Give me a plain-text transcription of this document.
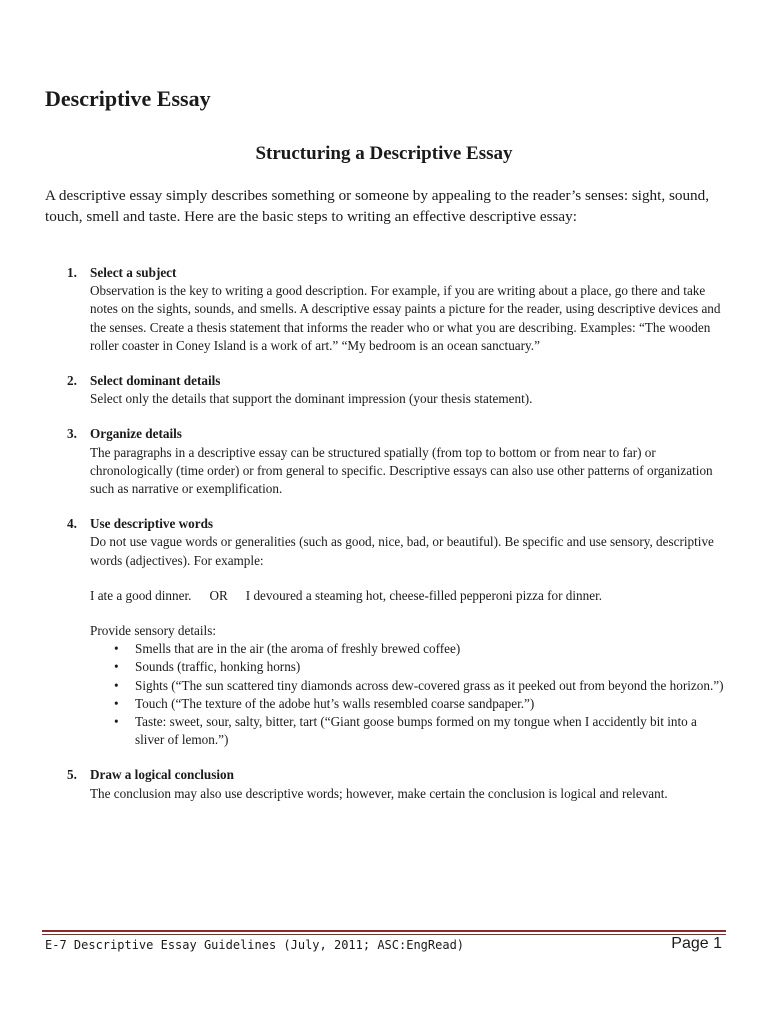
Descriptive Essay
Structuring a Descriptive Essay

A descriptive essay simply describes something or someone by appealing to the reader’s senses: sight, sound, touch, smell and taste. Here are the basic steps to writing an effective descriptive essay:

1. Select a subject
Observation is the key to writing a good description. For example, if you are writing about a place, go there and take notes on the sights, sounds, and smells. A descriptive essay paints a picture for the reader, using descriptive devices and the senses. Create a thesis statement that informs the reader who or what you are describing. Examples: “The wooden roller coaster in Coney Island is a work of art.” “My bedroom is an ocean sanctuary.”
2. Select dominant details
Select only the details that support the dominant impression (your thesis statement).
3. Organize details
The paragraphs in a descriptive essay can be structured spatially (from top to bottom or from near to far) or chronologically (time order) or from general to specific. Descriptive essays can also use other patterns of organization such as narrative or exemplification.
4. Use descriptive words
Do not use vague words or generalities (such as good, nice, bad, or beautiful). Be specific and use sensory, descriptive words (adjectives). For example:
I ate a good dinner. OR I devoured a steaming hot, cheese-filled pepperoni pizza for dinner.
Provide sensory details:
• Smells that are in the air (the aroma of freshly brewed coffee)
• Sounds (traffic, honking horns)
• Sights (“The sun scattered tiny diamonds across dew-covered grass as it peeked out from beyond the horizon.”)
• Touch (“The texture of the adobe hut’s walls resembled coarse sandpaper.”)
• Taste: sweet, sour, salty, bitter, tart (“Giant goose bumps formed on my tongue when I accidently bit into a sliver of lemon.”)
5. Draw a logical conclusion
The conclusion may also use descriptive words; however, make certain the conclusion is logical and relevant.
E-7 Descriptive Essay Guidelines (July, 2011; ASC:EngRead)	Page 1
